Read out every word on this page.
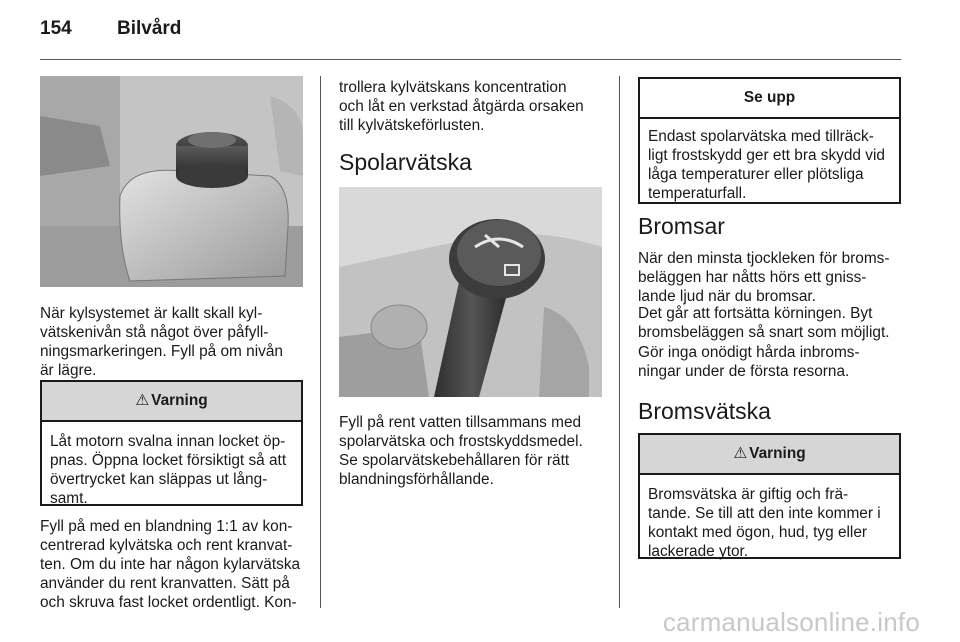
154 Bilvård

När kylsystemet är kallt skall kyl-
vätskenivån stå något över påfyll-
ningsmarkeringen. Fyll på om nivån
är lägre.

⚠ Varning

Låt motorn svalna innan locket öp-
pnas. Öppna locket försiktigt så att
övertrycket kan släppas ut lång-
samt.

Fyll på med en blandning 1:1 av kon-
centrerad kylvätska och rent kranvat-
ten. Om du inte har någon kylarvätska
använder du rent kranvatten. Sätt på
och skruva fast locket ordentligt. Kon-

trollera kylvätskans koncentration
och låt en verkstad åtgärda orsaken
till kylvätskeförlusten.

Spolarvätska

Fyll på rent vatten tillsammans med
spolarvätska och frostskyddsmedel.
Se spolarvätskebehållaren för rätt
blandningsförhållande.

Se upp

Endast spolarvätska med tillräck-
ligt frostskydd ger ett bra skydd vid
låga temperaturer eller plötsliga
temperaturfall.

Bromsar

När den minsta tjockleken för broms-
beläggen har nåtts hörs ett gniss-
lande ljud när du bromsar.

Det går att fortsätta körningen. Byt
bromsbeläggen så snart som möjligt.

Gör inga onödigt hårda inbroms-
ningar under de första resorna.

Bromsvätska
⚠ Varning

Bromsvätska är giftig och frä-
tande. Se till att den inte kommer i
kontakt med ögon, hud, tyg eller
lackerade ytor.

carmanualsonline.info
